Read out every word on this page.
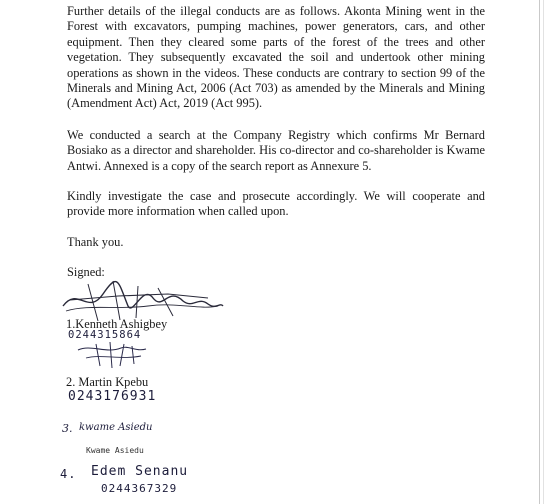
Further details of the illegal conducts are as follows. Akonta Mining went in the Forest with excavators, pumping machines, power generators, cars, and other equipment. Then they cleared some parts of the forest of the trees and other vegetation. They subsequently excavated the soil and undertook other mining operations as shown in the videos. These conducts are contrary to section 99 of the Minerals and Mining Act, 2006 (Act 703) as amended by the Minerals and Mining (Amendment Act) Act, 2019 (Act 995).

We conducted a search at the Company Registry which confirms Mr Bernard Bosiako as a director and shareholder. His co-director and co-shareholder is Kwame Antwi. Annexed is a copy of the search report as Annexure 5.

Kindly investigate the case and prosecute accordingly. We will cooperate and provide more information when called upon.

Thank you.

Signed:

1.Kenneth Ashigbey
0244315864
2. Martin Kpebu
0243176931
3. kwame Asiedu
Kwame Asiedu
4. Edem Senanu
0244367329
